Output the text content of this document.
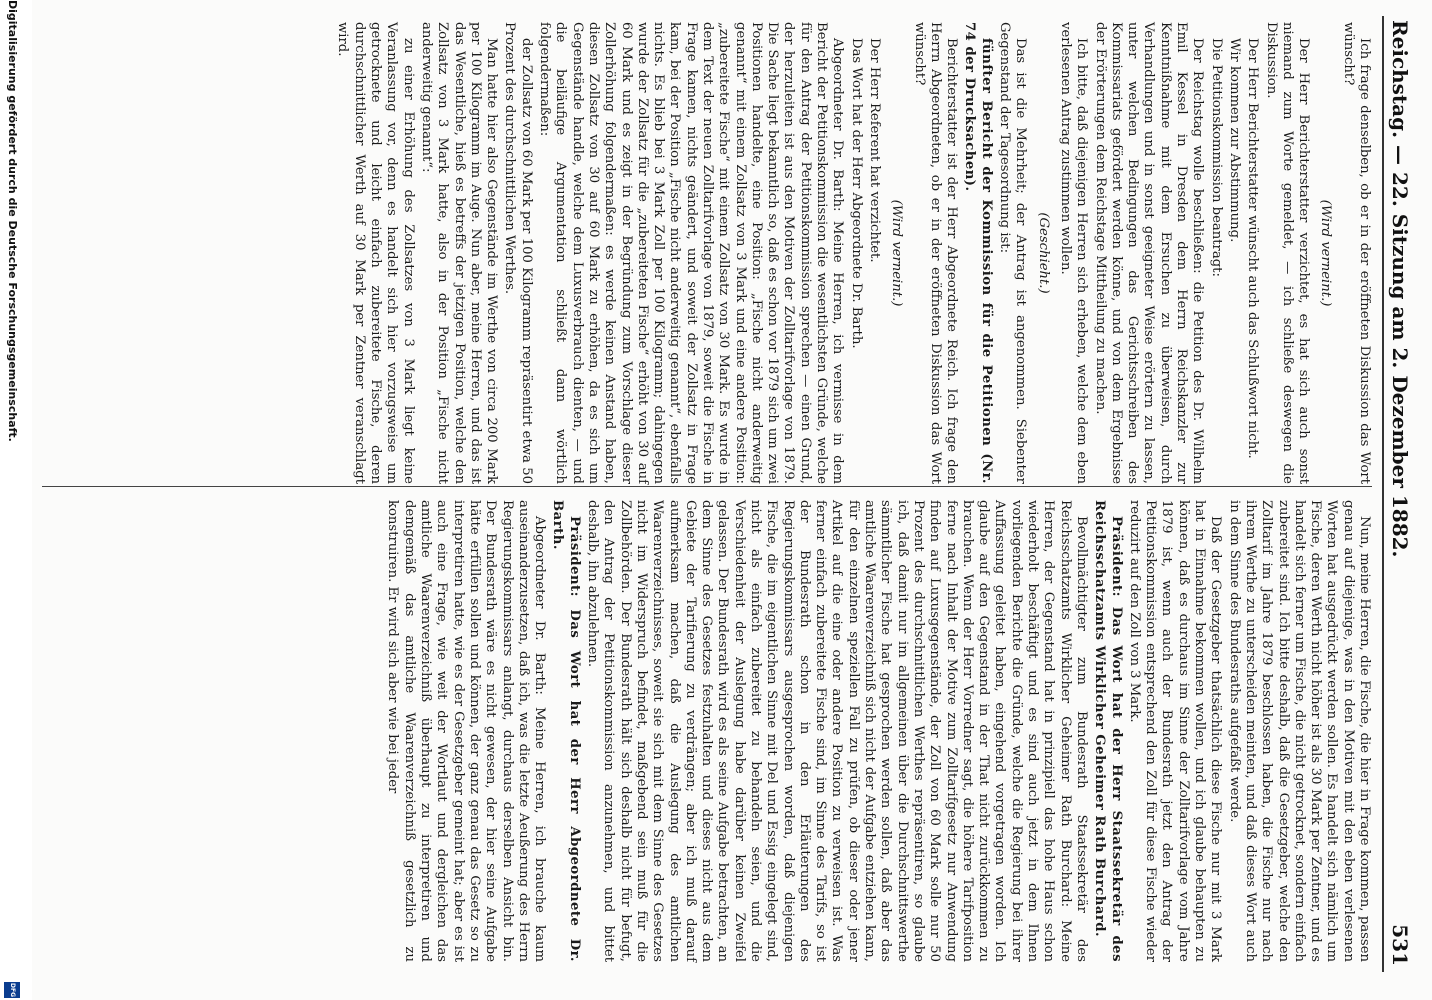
Reichstag. — 22. Sitzung am 2. Dezember 1882.
531

Ich frage denselben, ob er in der eröffneten Diskussion das Wort wünscht?

(Wird verneint.)

Der Herr Berichterstatter verzichtet, es hat sich auch sonst niemand zum Worte gemeldet, — ich schließe deswegen die Diskussion.

Der Herr Berichterstatter wünscht auch das Schlußwort nicht.

Wir kommen zur Abstimmung.

Die Petitionskommission beantragt:

Der Reichstag wolle beschließen: die Petition des Dr. Wilhelm Emil Kessel in Dresden dem Herrn Reichskanzler zur Kenntnißnahme mit dem Ersuchen zu überweisen, durch Verhandlungen und in sonst geeigneter Weise erörtern zu lassen, unter welchen Bedingungen das Gerichtsschreiben des Kommissariats gefördert werden könne, und von dem Ergebnisse der Erörterungen dem Reichstage Mittheilung zu machen.

Ich bitte, daß diejenigen Herren sich erheben, welche dem eben verlesenen Antrag zustimmen wollen.

(Geschieht.)

Das ist die Mehrheit; der Antrag ist angenommen. Siebenter Gegenstand der Tagesordnung ist:

fünfter Bericht der Kommission für die Petitionen (Nr. 74 der Drucksachen).

Berichterstatter ist der Herr Abgeordnete Reich. Ich frage den Herrn Abgeordneten, ob er in der eröffneten Diskussion das Wort wünscht?

(Wird verneint.)

Der Herr Referent hat verzichtet.

Das Wort hat der Herr Abgeordnete Dr. Barth.

Abgeordneter Dr. Barth: Meine Herren, ich vermisse in dem Bericht der Petitionskommission die wesentlichsten Gründe, welche für den Antrag der Petitionskommission sprechen — einen Grund, der herzuleiten ist aus den Motiven der Zolltarifvorlage von 1879. Die Sache liegt bekanntlich so, daß es schon vor 1879 sich um zwei Positionen handelte, eine Position: „Fische nicht anderweitig genannt“ mit einem Zollsatz von 3 Mark und eine andere Position: „zubereitete Fische“ mit einem Zollsatz von 30 Mark. Es wurde in dem Text der neuen Zolltarifvorlage von 1879, soweit die Fische in Frage kamen, nichts geändert, und soweit der Zollsatz in Frage kam, bei der Position „Fische nicht anderweitig genannt“, ebenfalls nichts. Es blieb bei 3 Mark Zoll per 100 Kilogramm; dahingegen wurde der Zollsatz für die „zubereiteten Fische“ erhöht von 30 auf 60 Mark und es zeigt in der Begründung zum Vorschlage dieser Zollerhöhung folgendermaßen: es werde keinen Anstand haben, diesen Zollsatz von 30 auf 60 Mark zu erhöhen, da es sich um Gegenstände handle, welche dem Luxusverbrauch dienten, — und die beiläufige Argumentation schließt dann wörtlich folgendermaßen:

der Zollsatz von 60 Mark per 100 Kilogramm repräsentirt etwa 50 Prozent des durchschnittlichen Werthes.

Man hatte hier also Gegenstände im Werthe von circa 200 Mark per 100 Kilogramm im Auge. Nun aber, meine Herren, und das ist das Wesentliche, hieß es betreffs der jetzigen Position, welche den Zollsatz von 3 Mark hatte, also in der Position „Fische nicht anderweitig genannt“:

zu einer Erhöhung des Zollsatzes von 3 Mark liegt keine Veranlassung vor, denn es handelt sich hier vorzugsweise um getrocknete und leicht einfach zubereitete Fische, deren durchschnittlicher Werth auf 30 Mark per Zentner veranschlagt wird.

Nun, meine Herren, die Fische, die hier in Frage kommen, passen genau auf diejenige, was in den Motiven mit den eben verlesenen Worten hat ausgedrückt werden sollen. Es handelt sich nämlich um Fische, deren Werth nicht höher ist als 30 Mark per Zentner, und es handelt sich ferner um Fische, die nicht getrocknet, sondern einfach zubereitet sind. Ich bitte deshalb, daß die Gesetzgeber, welche den Zolltarif im Jahre 1879 beschlossen haben, die Fische nur nach ihrem Werthe zu unterscheiden meinten, und daß dieses Wort auch in dem Sinne des Bundesraths aufgefaßt werde.

Daß der Gesetzgeber thatsächlich diese Fische nur mit 3 Mark hat in Einnahme bekommen wollen, und ich glaube behaupten zu können, daß es durchaus im Sinne der Zolltarifvorlage vom Jahre 1879 ist, wenn auch der Bundesrath jetzt den Antrag der Petitionskommission entsprechend den Zoll für diese Fische wieder reduzirt auf den Zoll von 3 Mark.

Präsident: Das Wort hat der Herr Staatssekretär des Reichsschatzamts Wirklicher Geheimer Rath Burchard.

Bevollmächtigter zum Bundesrath Staatssekretär des Reichsschatzamts Wirklicher Geheimer Rath Burchard: Meine Herren, der Gegenstand hat in prinzipiell das hohe Haus schon wiederholt beschäftigt und es sind auch jetzt in dem Ihnen vorliegenden Berichte die Gründe, welche die Regierung bei ihrer Auffassung geleitet haben, eingehend vorgetragen worden. Ich glaube auf den Gegenstand in der That nicht zurückkommen zu brauchen. Wenn der Herr Vorredner sagt, die höhere Tarifposition ferne nach Inhalt der Motive zum Zolltarifgesetz nur Anwendung finden auf Luxusgegenstände, der Zoll von 60 Mark solle nur 50 Prozent des durchschnittlichen Werthes repräsentiren, so glaube ich, daß damit nur im allgemeinen über die Durchschnittswerthe sämmtlicher Fische hat gesprochen werden sollen, daß aber das amtliche Waarenverzeichniß sich nicht der Aufgabe entziehen kann, für den einzelnen speziellen Fall zu prüfen, ob dieser oder jener Artikel auf die eine oder andere Position zu verweisen ist. Was ferner einfach zubereitete Fische sind, im Sinne des Tarifs, so ist der Bundesrath schon in den Erläuterungen des Regierungskommissars ausgesprochen worden, daß diejenigen Fische, die im eigentlichen Sinne mit Del und Essig eingelegt sind, nicht als einfach zubereitet zu behandeln seien, und die Verschiedenheit der Auslegung habe darüber keinen Zweifel gelassen. Der Bundesrath wird es als seine Aufgabe betrachten, an dem Sinne des Gesetzes festzuhalten und dieses nicht aus dem Gebiete der Tarifierung zu verdrängen; aber ich muß darauf aufmerksam machen, daß die Auslegung des amtlichen Waarenverzeichnisses, soweit sie sich mit dem Sinne des Gesetzes nicht im Widerspruch befindet, maßgebend sein muß für die Zollbehörden. Der Bundesrath hält sich deshalb nicht für befugt, den Antrag der Petitionskommission anzunehmen, und bittet deshalb, ihn abzulehnen.

Präsident: Das Wort hat der Herr Abgeordnete Dr. Barth.

Abgeordneter Dr. Barth: Meine Herren, ich brauche kaum auseinanderzusetzen, daß ich, was die letzte Aeußerung des Herrn Regierungskommissars anlangt, durchaus derselben Ansicht bin. Der Bundesrath wäre es nicht gewesen, der hier seine Aufgabe hätte erfüllen sollen und können, der ganz genau das Gesetz so zu interpretiren hatte, wie es der Gesetzgeber gemeint hat; aber es ist auch eine Frage, wie weit der Wortlaut und dergleichen das amtliche Waarenverzeichniß überhaupt zu interpretiren und demgemäß das amtliche Waarenverzeichniß gesetzlich zu konstruiren. Er wird sich aber wie bei jeder

Digitalisierung gefördert durch die Deutsche Forschungsgemeinschaft.
DFG
